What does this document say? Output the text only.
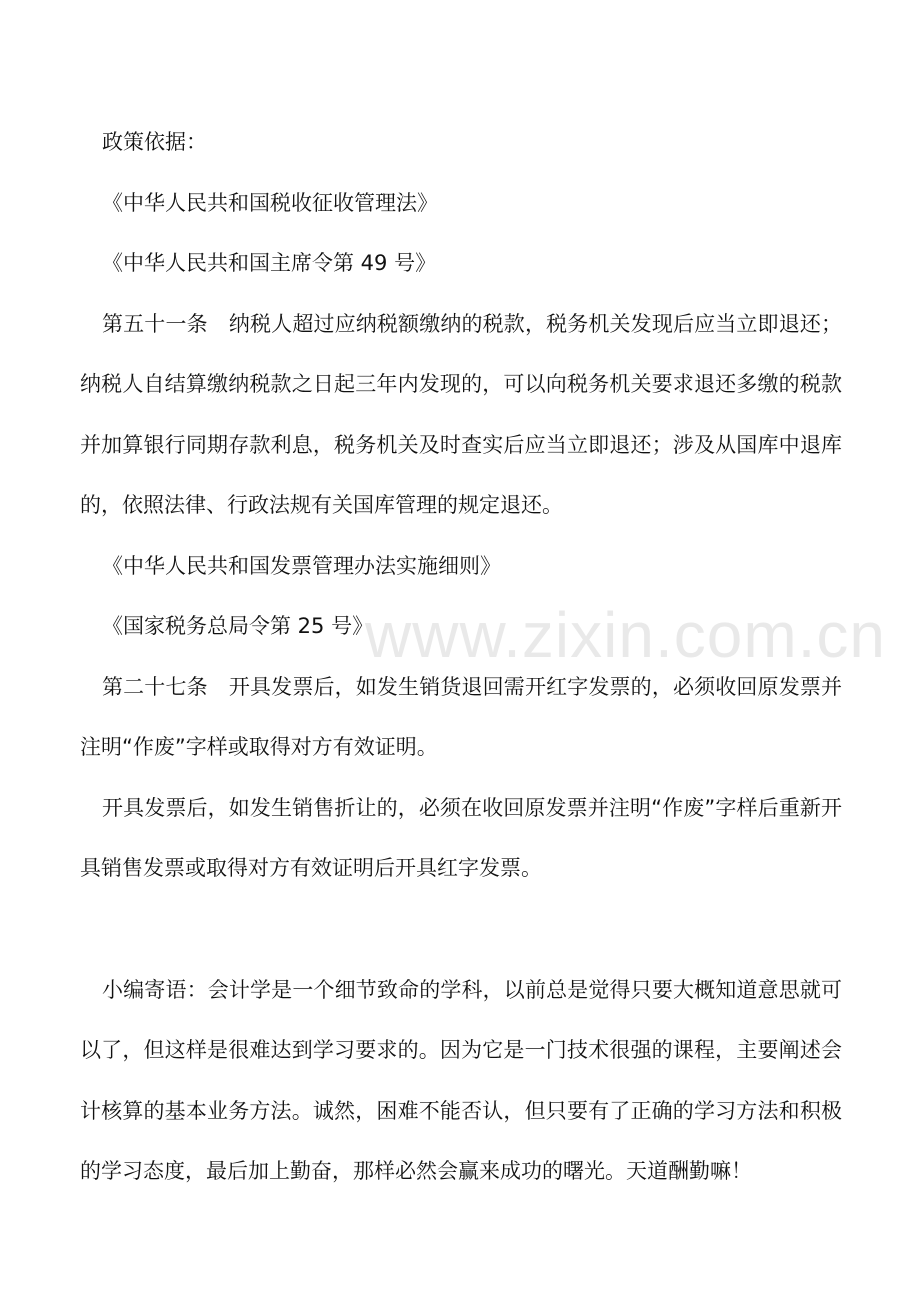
政策依据：

《中华人民共和国税收征收管理法》

《中华人民共和国主席令第 49 号》

第五十一条　纳税人超过应纳税额缴纳的税款，税务机关发现后应当立即退还；纳税人自结算缴纳税款之日起三年内发现的，可以向税务机关要求退还多缴的税款并加算银行同期存款利息，税务机关及时查实后应当立即退还；涉及从国库中退库的，依照法律、行政法规有关国库管理的规定退还。

《中华人民共和国发票管理办法实施细则》

《国家税务总局令第 25 号》

第二十七条　开具发票后，如发生销货退回需开红字发票的，必须收回原发票并注明“作废”字样或取得对方有效证明。

开具发票后，如发生销售折让的，必须在收回原发票并注明“作废”字样后重新开具销售发票或取得对方有效证明后开具红字发票。

小编寄语：会计学是一个细节致命的学科，以前总是觉得只要大概知道意思就可以了，但这样是很难达到学习要求的。因为它是一门技术很强的课程，主要阐述会计核算的基本业务方法。诚然，困难不能否认，但只要有了正确的学习方法和积极的学习态度，最后加上勤奋，那样必然会赢来成功的曙光。天道酬勤嘛！

www.zixin.com.cn
